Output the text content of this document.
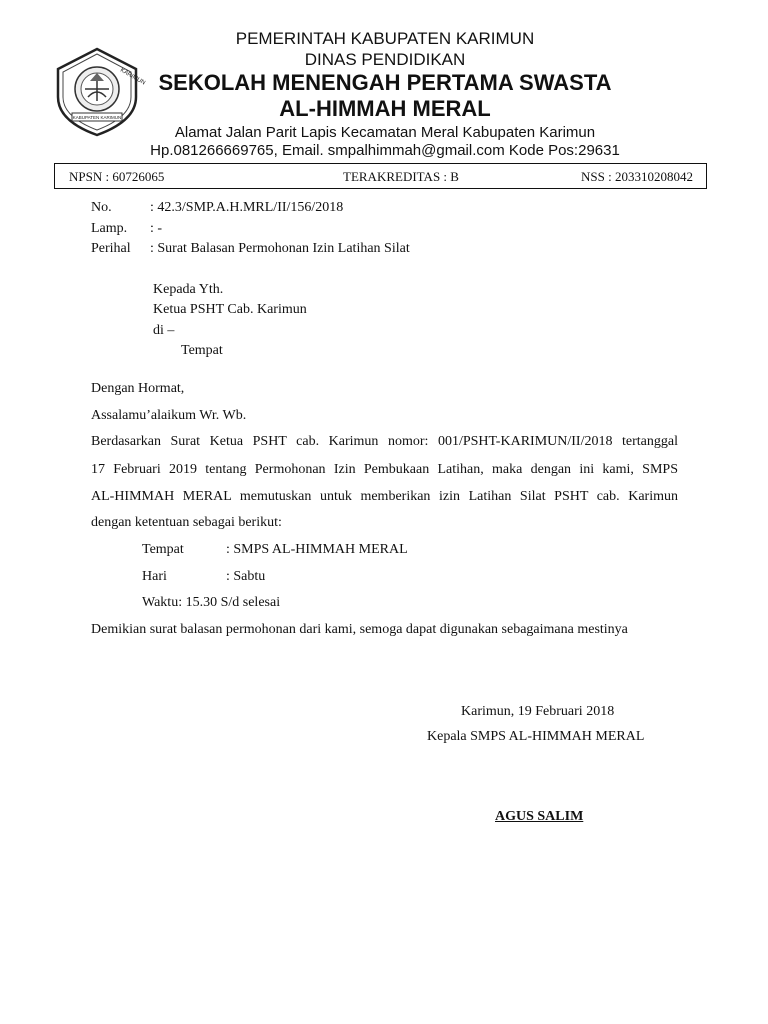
KARIMUN
KABUPATEN KARIMUN
PEMERINTAH KABUPATEN KARIMUN
DINAS PENDIDIKAN
SEKOLAH MENENGAH PERTAMA SWASTA
AL-HIMMAH MERAL
Alamat Jalan Parit Lapis Kecamatan Meral Kabupaten Karimun
Hp.081266669765, Email. smpalhimmah@gmail.com Kode Pos:29631
NPSN : 60726065	TERAKREDITAS : B	NSS : 203310208042
No.	: 42.3/SMP.A.H.MRL/II/156/2018
Lamp. : -
Perihal : Surat Balasan Permohonan Izin Latihan Silat
Kepada Yth.
Ketua PSHT Cab. Karimun
di –
Tempat
Dengan Hormat,
Assalamu’alaikum Wr. Wb.
Berdasarkan Surat Ketua PSHT cab. Karimun nomor: 001/PSHT-KARIMUN/II/2018 tertanggal
17 Februari 2019 tentang Permohonan Izin Pembukaan Latihan, maka dengan ini kami, SMPS
AL-HIMMAH MERAL memutuskan untuk memberikan izin Latihan Silat PSHT cab. Karimun
dengan ketentuan sebagai berikut:
Tempat	: SMPS AL-HIMMAH MERAL
Hari	: Sabtu
Waktu: 15.30 S/d selesai
Demikian surat balasan permohonan dari kami, semoga dapat digunakan sebagaimana mestinya
Karimun, 19 Februari 2018
Kepala SMPS AL-HIMMAH MERAL
AGUS SALIM
